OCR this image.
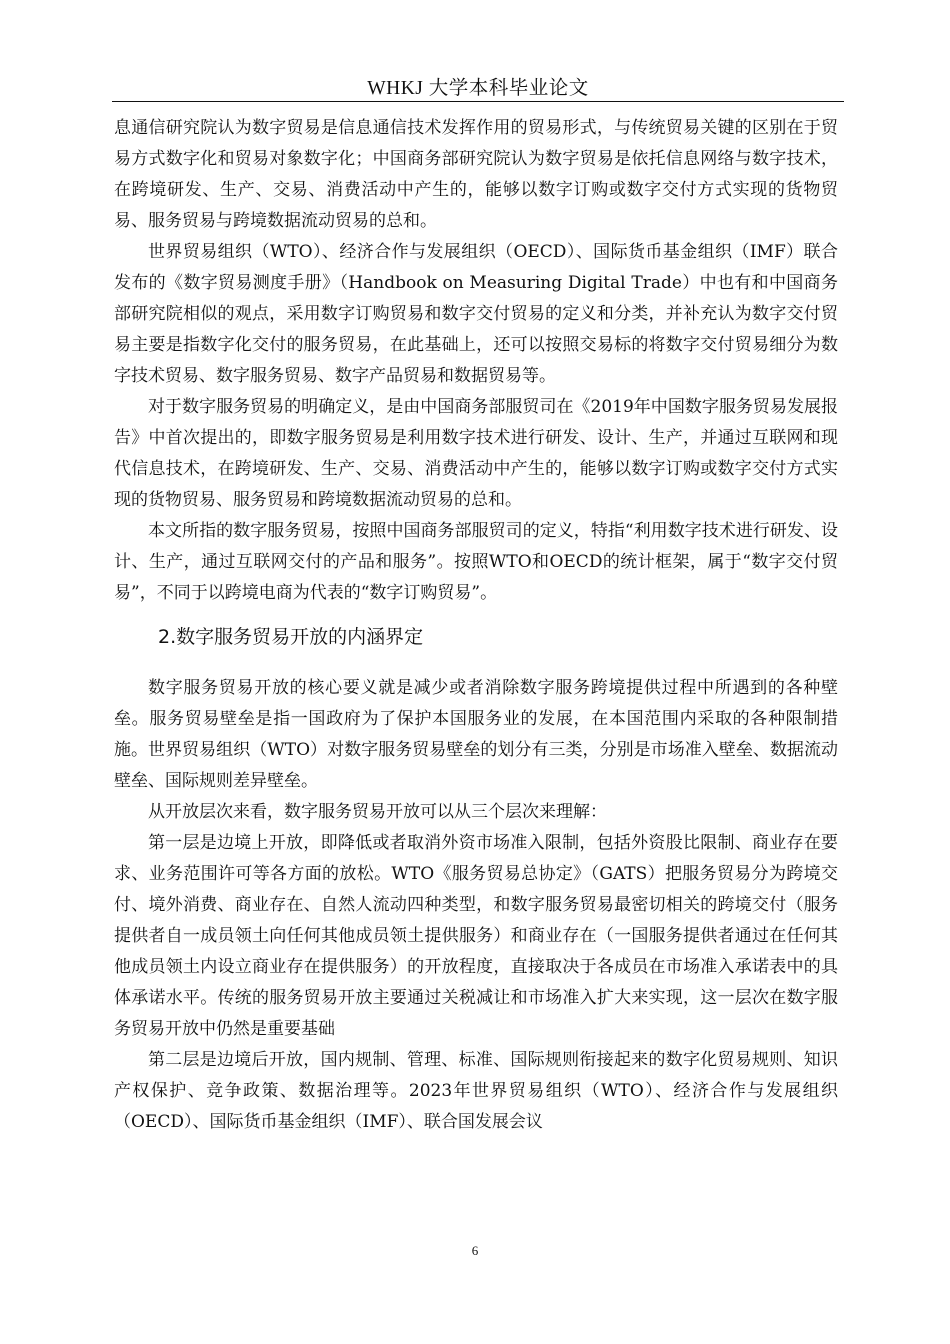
WHKJ 大学本科毕业论文

息通信研究院认为数字贸易是信息通信技术发挥作用的贸易形式，与传统贸易关键的区别在于贸易方式数字化和贸易对象数字化；中国商务部研究院认为数字贸易是依托信息网络与数字技术，在跨境研发、生产、交易、消费活动中产生的，能够以数字订购或数字交付方式实现的货物贸易、服务贸易与跨境数据流动贸易的总和。

世界贸易组织（WTO）、经济合作与发展组织（OECD）、国际货币基金组织（IMF）联合发布的《数字贸易测度手册》（Handbook on Measuring Digital Trade）中也有和中国商务部研究院相似的观点，采用数字订购贸易和数字交付贸易的定义和分类，并补充认为数字交付贸易主要是指数字化交付的服务贸易，在此基础上，还可以按照交易标的将数字交付贸易细分为数字技术贸易、数字服务贸易、数字产品贸易和数据贸易等。

对于数字服务贸易的明确定义，是由中国商务部服贸司在《2019年中国数字服务贸易发展报告》中首次提出的，即数字服务贸易是利用数字技术进行研发、设计、生产，并通过互联网和现代信息技术，在跨境研发、生产、交易、消费活动中产生的，能够以数字订购或数字交付方式实现的货物贸易、服务贸易和跨境数据流动贸易的总和。

本文所指的数字服务贸易，按照中国商务部服贸司的定义，特指“利用数字技术进行研发、设计、生产，通过互联网交付的产品和服务”。按照WTO和OECD的统计框架，属于“数字交付贸易”，不同于以跨境电商为代表的“数字订购贸易”。

2.数字服务贸易开放的内涵界定

数字服务贸易开放的核心要义就是减少或者消除数字服务跨境提供过程中所遇到的各种壁垒。服务贸易壁垒是指一国政府为了保护本国服务业的发展，在本国范围内采取的各种限制措施。世界贸易组织（WTO）对数字服务贸易壁垒的划分有三类，分别是市场准入壁垒、数据流动壁垒、国际规则差异壁垒。

从开放层次来看，数字服务贸易开放可以从三个层次来理解：

第一层是边境上开放，即降低或者取消外资市场准入限制，包括外资股比限制、商业存在要求、业务范围许可等各方面的放松。WTO《服务贸易总协定》（GATS）把服务贸易分为跨境交付、境外消费、商业存在、自然人流动四种类型，和数字服务贸易最密切相关的跨境交付（服务提供者自一成员领土向任何其他成员领土提供服务）和商业存在（一国服务提供者通过在任何其他成员领土内设立商业存在提供服务）的开放程度，直接取决于各成员在市场准入承诺表中的具体承诺水平。传统的服务贸易开放主要通过关税减让和市场准入扩大来实现，这一层次在数字服务贸易开放中仍然是重要基础

第二层是边境后开放，国内规制、管理、标准、国际规则衔接起来的数字化贸易规则、知识产权保护、竞争政策、数据治理等。2023年世界贸易组织（WTO）、经济合作与发展组织（OECD）、国际货币基金组织（IMF）、联合国发展会议

6
